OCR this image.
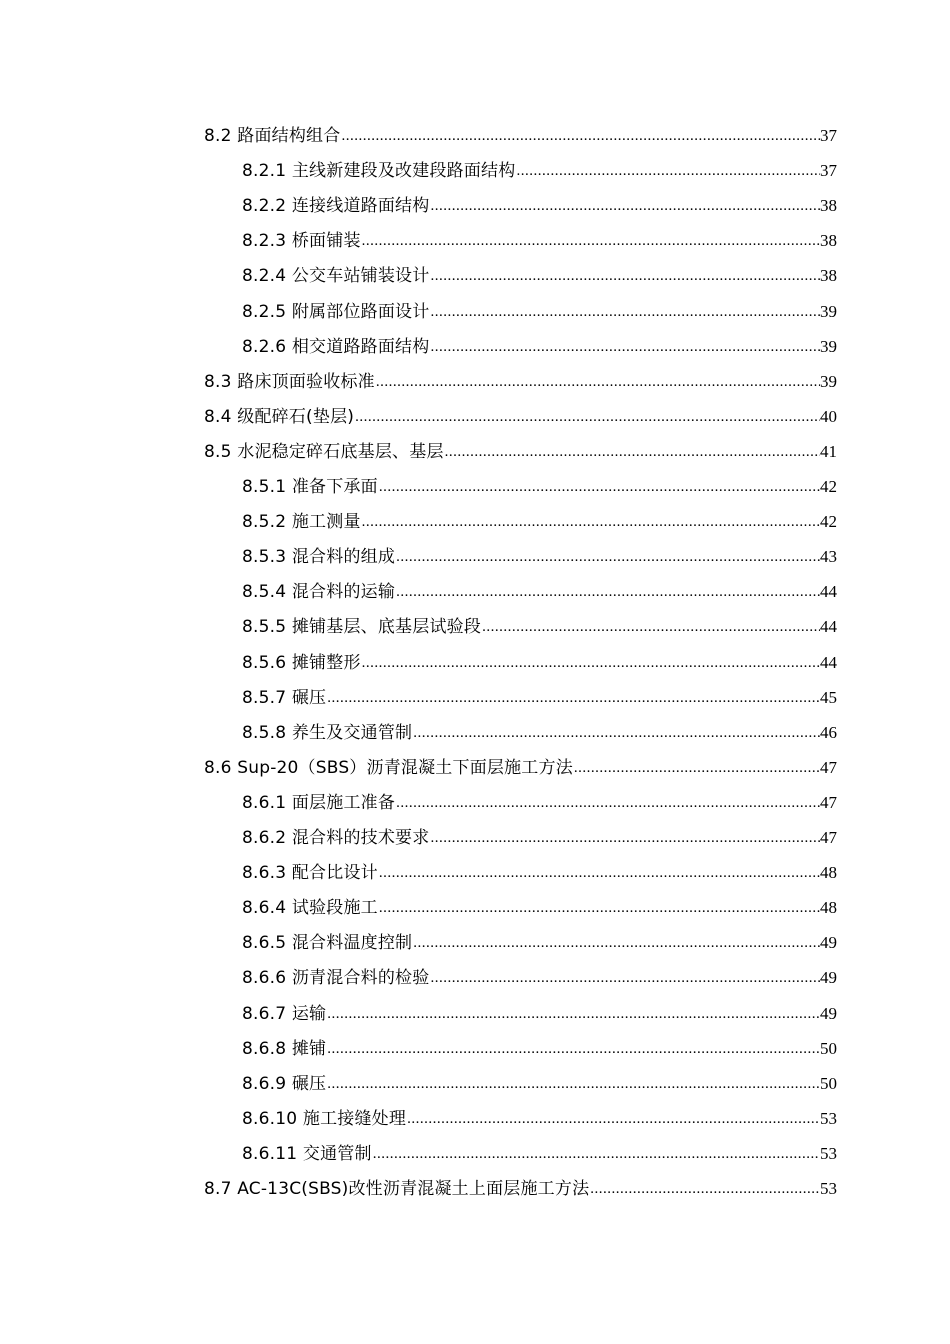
8.2 路面结构组合 .....	37
8.2.1 主线新建段及改建段路面结构 .....	37
8.2.2 连接线道路面结构 .....	38
8.2.3 桥面铺装 .....	38
8.2.4 公交车站铺装设计 .....	38
8.2.5 附属部位路面设计 .....	39
8.2.6 相交道路路面结构 .....	39
8.3 路床顶面验收标准 .....	39
8.4 级配碎石(垫层) .....	40
8.5 水泥稳定碎石底基层、基层 .....	41
8.5.1 准备下承面 .....	42
8.5.2 施工测量 .....	42
8.5.3 混合料的组成 .....	43
8.5.4 混合料的运输 .....	44
8.5.5 摊铺基层、底基层试验段 .....	44
8.5.6 摊铺整形 .....	44
8.5.7 碾压 .....	45
8.5.8 养生及交通管制 .....	46
8.6 Sup-20（SBS）沥青混凝土下面层施工方法 .....	47
8.6.1 面层施工准备 .....	47
8.6.2 混合料的技术要求 .....	47
8.6.3 配合比设计 .....	48
8.6.4 试验段施工 .....	48
8.6.5 混合料温度控制 .....	49
8.6.6 沥青混合料的检验 .....	49
8.6.7 运输 .....	49
8.6.8 摊铺 .....	50
8.6.9 碾压 .....	50
8.6.10 施工接缝处理 .....	53
8.6.11 交通管制 .....	53
8.7 AC-13C(SBS)改性沥青混凝土上面层施工方法 .....	53
